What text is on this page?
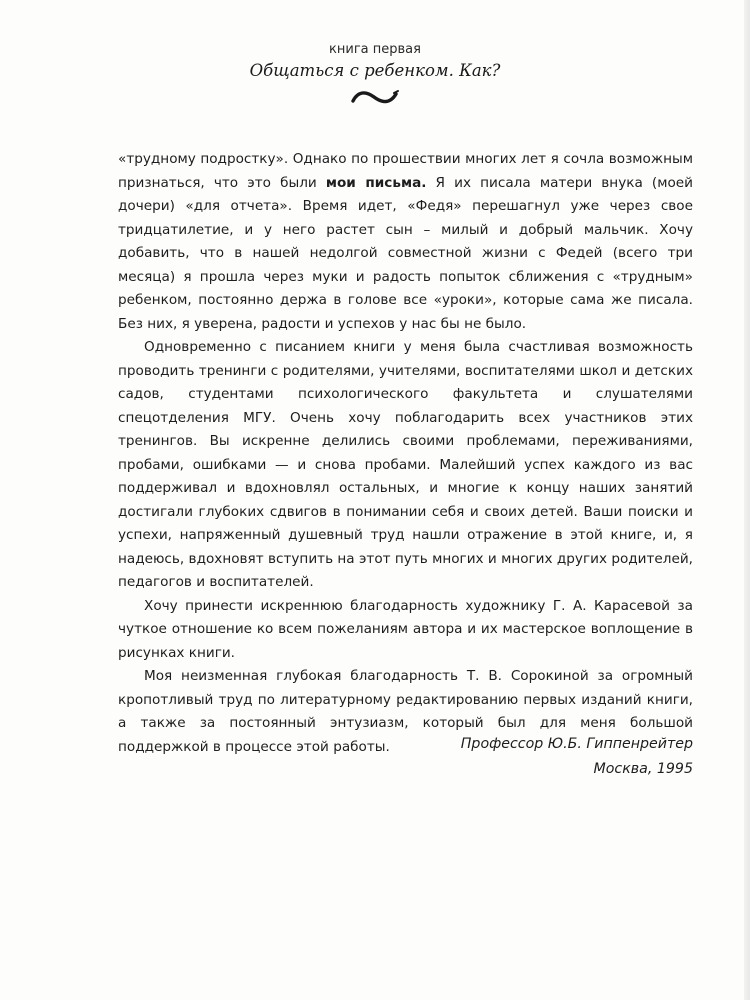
книга первая
Общаться с ребенком. Как?

«трудному подростку». Однако по прошествии многих лет я сочла возможным признаться, что это были мои письма. Я их писала матери внука (моей дочери) «для отчета». Время идет, «Федя» перешагнул уже через свое тридцатилетие, и у него растет сын – милый и добрый мальчик. Хочу добавить, что в нашей недолгой совместной жизни с Федей (всего три месяца) я прошла через муки и радость попыток сближения с «трудным» ребенком, постоянно держа в голове все «уроки», которые сама же писала. Без них, я уверена, радости и успехов у нас бы не было.

Одновременно с писанием книги у меня была счастливая возможность проводить тренинги с родителями, учителями, воспитателями школ и детских садов, студентами психологического факультета и слушателями спецотделения МГУ. Очень хочу поблагодарить всех участников этих тренингов. Вы искренне делились своими проблемами, переживаниями, пробами, ошибками — и снова пробами. Малейший успех каждого из вас поддерживал и вдохновлял остальных, и многие к концу наших занятий достигали глубоких сдвигов в понимании себя и своих детей. Ваши поиски и успехи, напряженный душевный труд нашли отражение в этой книге, и, я надеюсь, вдохновят вступить на этот путь многих и многих других родителей, педагогов и воспитателей.

Хочу принести искреннюю благодарность художнику Г. А. Карасевой за чуткое отношение ко всем пожеланиям автора и их мастерское воплощение в рисунках книги.

Моя неизменная глубокая благодарность Т. В. Сорокиной за огромный кропотливый труд по литературному редактированию первых изданий книги, а также за постоянный энтузиазм, который был для меня большой поддержкой в процессе этой работы.	Профессор Ю.Б. Гиппенрейтер
Москва, 1995
